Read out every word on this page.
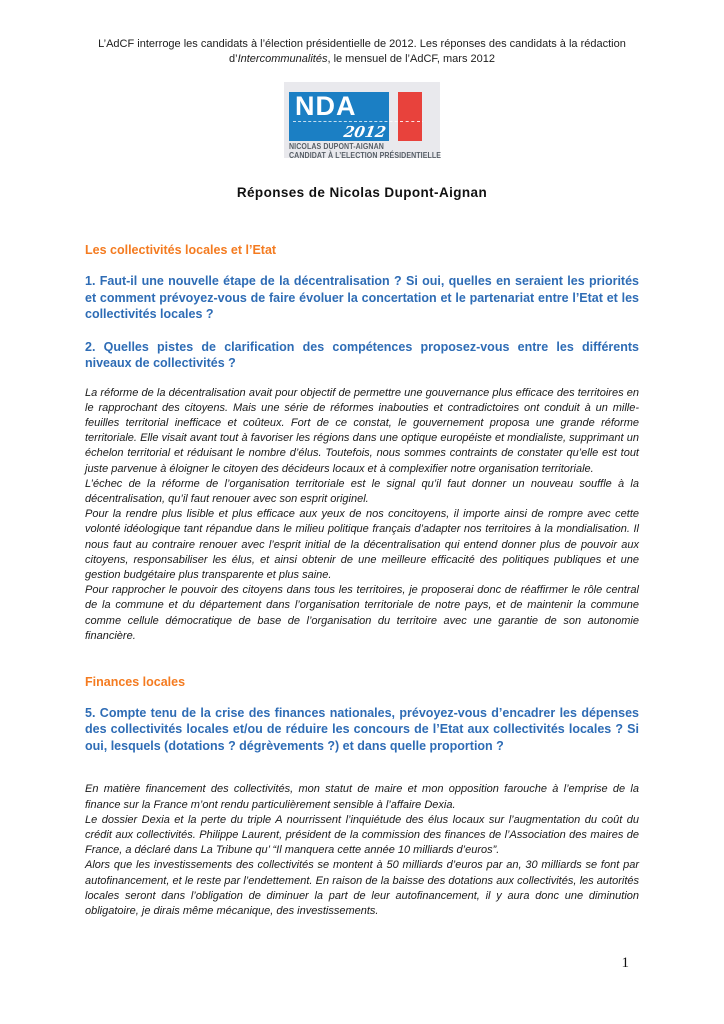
L’AdCF interroge les candidats à l’élection présidentielle de 2012. Les réponses des candidats à la rédaction
d’Intercommunalités, le mensuel de l’AdCF, mars 2012
NDA
2012
NICOLAS DUPONT-AIGNAN
CANDIDAT À L’ELECTION PRÉSIDENTIELLE
Réponses de Nicolas Dupont-Aignan

Les collectivités locales et l’Etat

1. Faut-il une nouvelle étape de la décentralisation ? Si oui, quelles en seraient les priorités et comment prévoyez-vous de faire évoluer la concertation et le partenariat entre l’Etat et les collectivités locales ?

2. Quelles pistes de clarification des compétences proposez-vous entre les différents niveaux de collectivités ?

La réforme de la décentralisation avait pour objectif de permettre une gouvernance plus efficace des territoires en le rapprochant des citoyens. Mais une série de réformes inabouties et contradictoires ont conduit à un mille-feuilles territorial inefficace et coûteux. Fort de ce constat, le gouvernement proposa une grande réforme territoriale. Elle visait avant tout à favoriser les régions dans une optique européiste et mondialiste, supprimant un échelon territorial et réduisant le nombre d’élus. Toutefois, nous sommes contraints de constater qu’elle est tout juste parvenue à éloigner le citoyen des décideurs locaux et à complexifier notre organisation territoriale.

L’échec de la réforme de l’organisation territoriale est le signal qu’il faut donner un nouveau souffle à la décentralisation, qu’il faut renouer avec son esprit originel.

Pour la rendre plus lisible et plus efficace aux yeux de nos concitoyens, il importe ainsi de rompre avec cette volonté idéologique tant répandue dans le milieu politique français d’adapter nos territoires à la mondialisation. Il nous faut au contraire renouer avec l’esprit initial de la décentralisation qui entend donner plus de pouvoir aux citoyens, responsabiliser les élus, et ainsi obtenir de une meilleure efficacité des politiques publiques et une gestion budgétaire plus transparente et plus saine.

Pour rapprocher le pouvoir des citoyens dans tous les territoires, je proposerai donc de réaffirmer le rôle central de la commune et du département dans l’organisation territoriale de notre pays, et de maintenir la commune comme cellule démocratique de base de l’organisation du territoire avec une garantie de son autonomie financière.

Finances locales

5. Compte tenu de la crise des finances nationales, prévoyez-vous d’encadrer les dépenses des collectivités locales et/ou de réduire les concours de l’Etat aux collectivités locales ? Si oui, lesquels (dotations ? dégrèvements ?) et dans quelle proportion ?

En matière financement des collectivités, mon statut de maire et mon opposition farouche à l’emprise de la finance sur la France m’ont rendu particulièrement sensible à l’affaire Dexia.

Le dossier Dexia et la perte du triple A nourrissent l’inquiétude des élus locaux sur l’augmentation du coût du crédit aux collectivités. Philippe Laurent, président de la commission des finances de l’Association des maires de France, a déclaré dans La Tribune qu’ “Il manquera cette année 10 milliards d’euros”.

Alors que les investissements des collectivités se montent à 50 milliards d’euros par an, 30 milliards se font par autofinancement, et le reste par l’endettement. En raison de la baisse des dotations aux collectivités, les autorités locales seront dans l’obligation de diminuer la part de leur autofinancement, il y aura donc une diminution obligatoire, je dirais même mécanique, des investissements.

1
